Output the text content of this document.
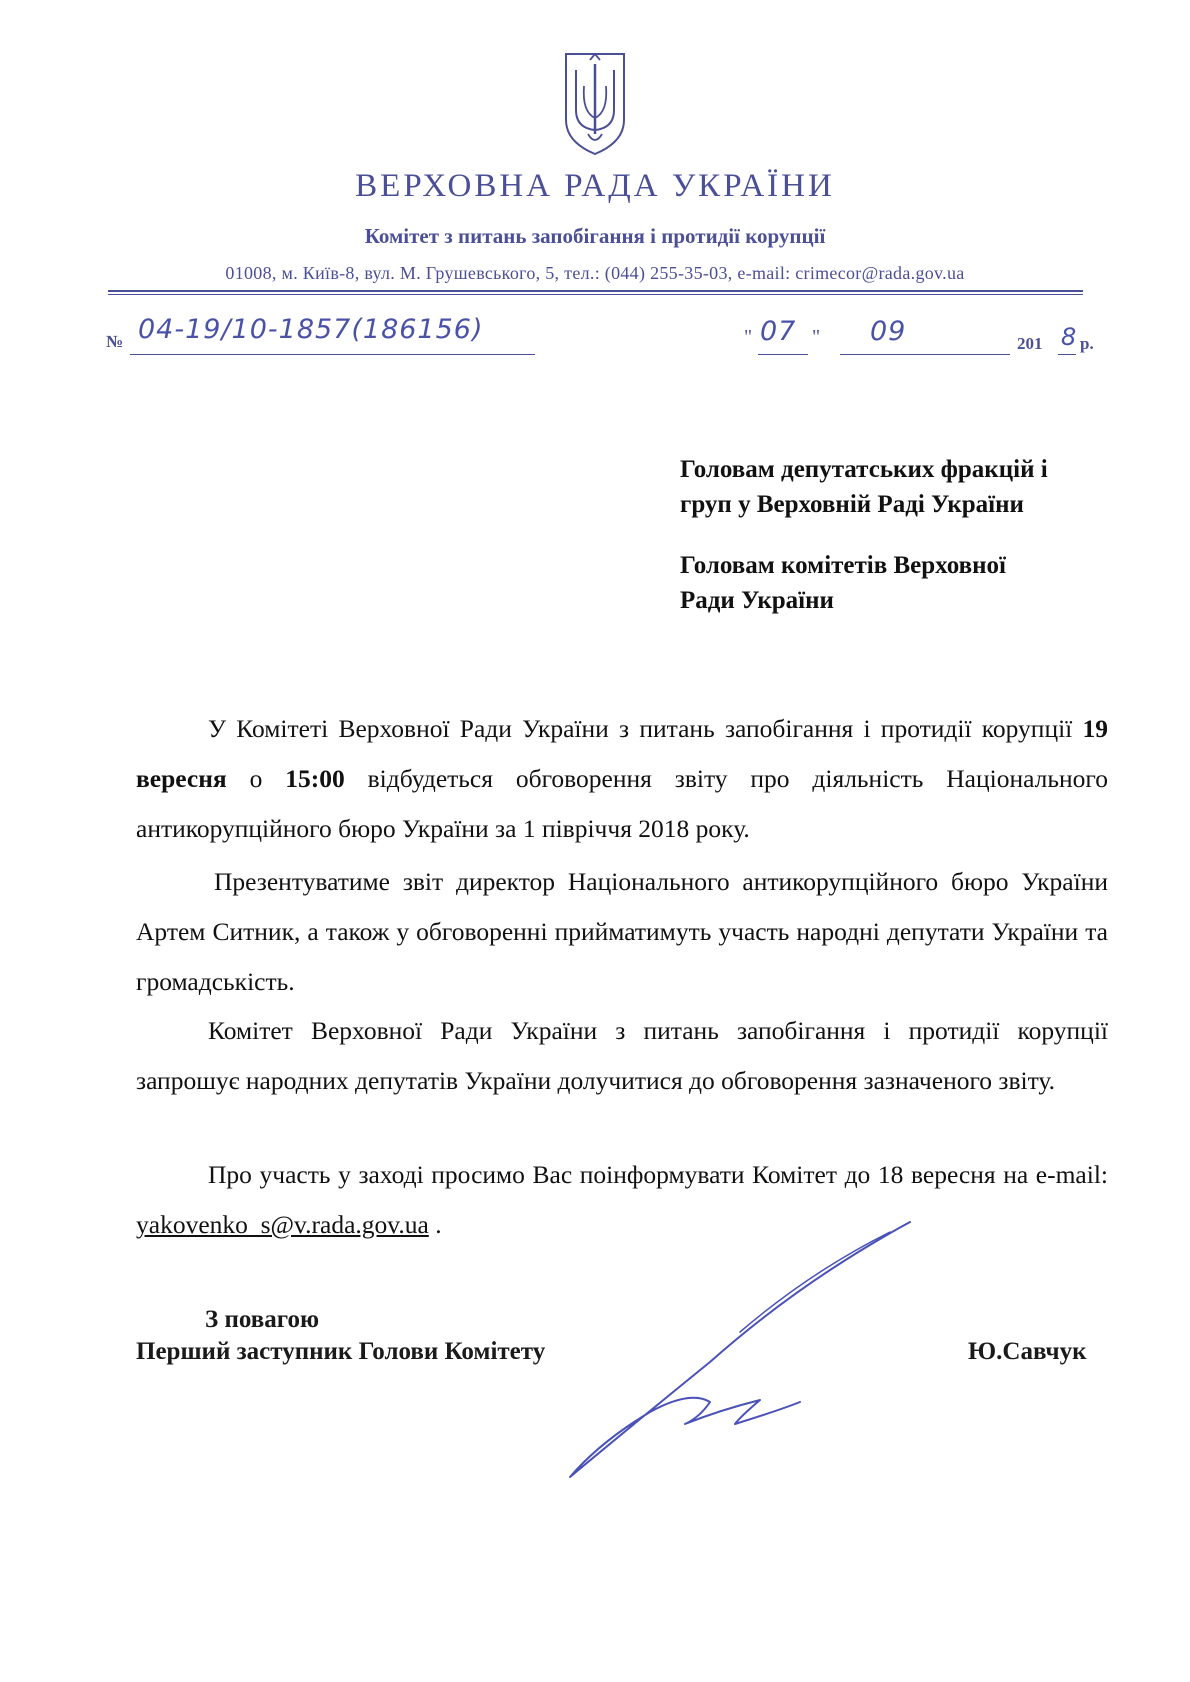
ВЕРХОВНА РАДА УКРАЇНИ
Комітет з питань запобігання і протидії корупції
01008, м. Київ-8, вул. М. Грушевського, 5, тел.: (044) 255-35-03, e-mail: crimecor@rada.gov.ua
№ 04-19/10-1857(186156)	" 07 " 09	201 8 р.
Головам депутатських фракцій і
груп у Верховній Раді України
Головам комітетів Верховної
Ради України
У Комітеті Верховної Ради України з питань запобігання і протидії корупції 19 вересня о 15:00 відбудеться обговорення звіту про діяльність Національного антикорупційного бюро України за 1 півріччя 2018 року.
Презентуватиме звіт директор Національного антикорупційного бюро України Артем Ситник, а також у обговоренні прийматимуть участь народні депутати України та громадськість.
Комітет Верховної Ради України з питань запобігання і протидії корупції запрошує народних депутатів України долучитися до обговорення зазначеного звіту.
Про участь у заході просимо Вас поінформувати Комітет до 18 вересня на e-mail: yakovenko_s@v.rada.gov.ua .
З повагою
Перший заступник Голови Комітету	Ю.Савчук
